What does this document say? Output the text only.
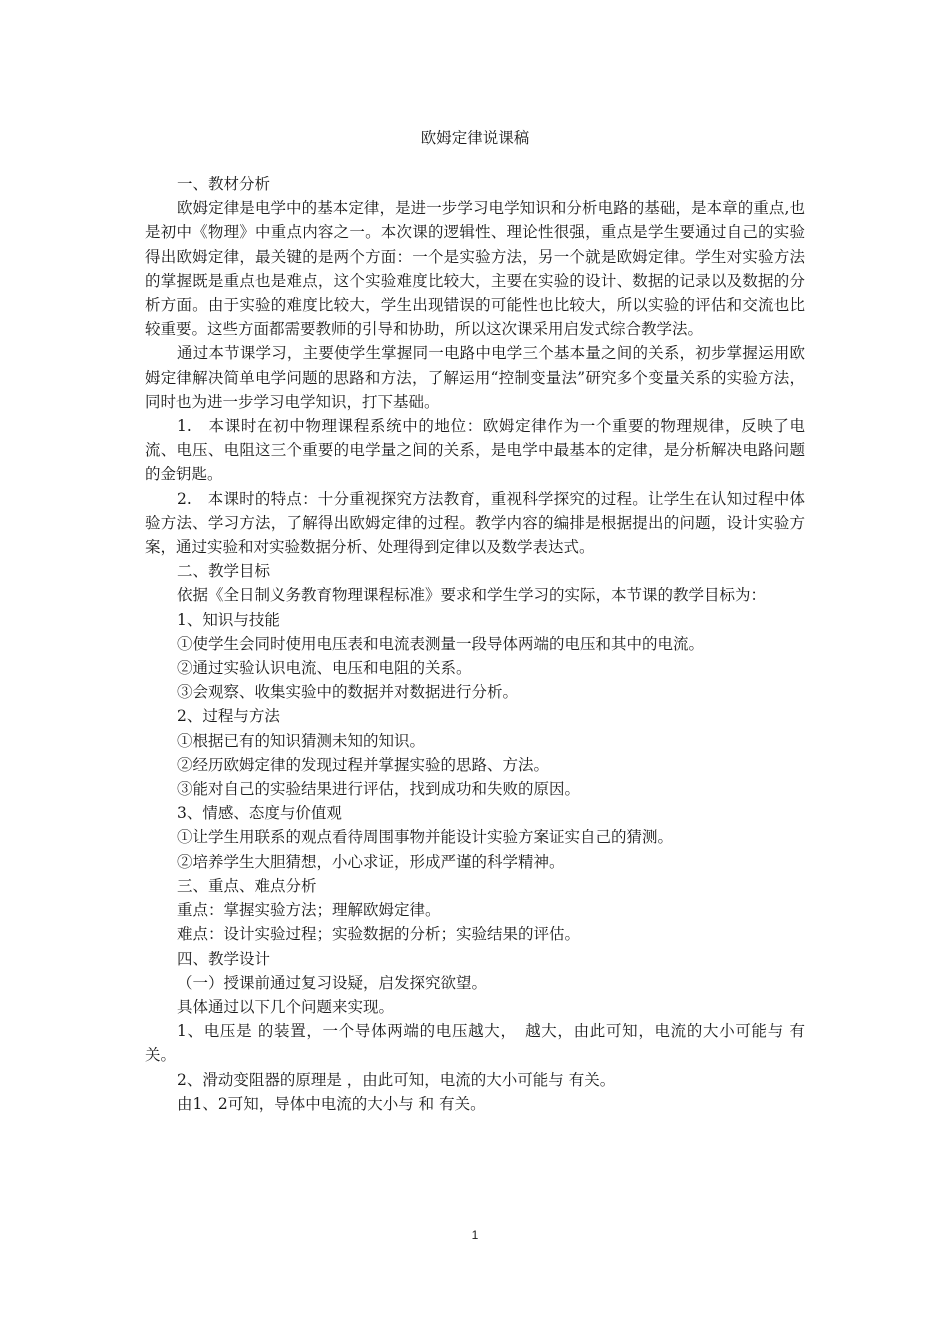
欧姆定律说课稿

一、教材分析

欧姆定律是电学中的基本定律，是进一步学习电学知识和分析电路的基础，是本章的重点,也是初中《物理》中重点内容之一。本次课的逻辑性、理论性很强，重点是学生要通过自己的实验得出欧姆定律，最关键的是两个方面：一个是实验方法，另一个就是欧姆定律。学生对实验方法的掌握既是重点也是难点，这个实验难度比较大，主要在实验的设计、数据的记录以及数据的分析方面。由于实验的难度比较大，学生出现错误的可能性也比较大，所以实验的评估和交流也比较重要。这些方面都需要教师的引导和协助，所以这次课采用启发式综合教学法。

通过本节课学习，主要使学生掌握同一电路中电学三个基本量之间的关系，初步掌握运用欧姆定律解决简单电学问题的思路和方法，了解运用“控制变量法”研究多个变量关系的实验方法，同时也为进一步学习电学知识，打下基础。

1.　本课时在初中物理课程系统中的地位：欧姆定律作为一个重要的物理规律，反映了电流、电压、电阻这三个重要的电学量之间的关系，是电学中最基本的定律，是分析解决电路问题的金钥匙。

2.　本课时的特点：十分重视探究方法教育，重视科学探究的过程。让学生在认知过程中体验方法、学习方法，了解得出欧姆定律的过程。教学内容的编排是根据提出的问题，设计实验方案，通过实验和对实验数据分析、处理得到定律以及数学表达式。

二、教学目标

依据《全日制义务教育物理课程标准》要求和学生学习的实际，本节课的教学目标为：

1、知识与技能

①使学生会同时使用电压表和电流表测量一段导体两端的电压和其中的电流。

②通过实验认识电流、电压和电阻的关系。

③会观察、收集实验中的数据并对数据进行分析。

2、过程与方法

①根据已有的知识猜测未知的知识。

②经历欧姆定律的发现过程并掌握实验的思路、方法。

③能对自己的实验结果进行评估，找到成功和失败的原因。

3、情感、态度与价值观

①让学生用联系的观点看待周围事物并能设计实验方案证实自己的猜测。

②培养学生大胆猜想，小心求证，形成严谨的科学精神。

三、重点、难点分析

重点：掌握实验方法；理解欧姆定律。

难点：设计实验过程；实验数据的分析；实验结果的评估。

四、教学设计

（一）授课前通过复习设疑，启发探究欲望。

具体通过以下几个问题来实现。

1、电压是 的装置，一个导体两端的电压越大，　越大，由此可知，电流的大小可能与 有关。

2、滑动变阻器的原理是 ，由此可知，电流的大小可能与 有关。

由1、2可知，导体中电流的大小与 和 有关。

1
